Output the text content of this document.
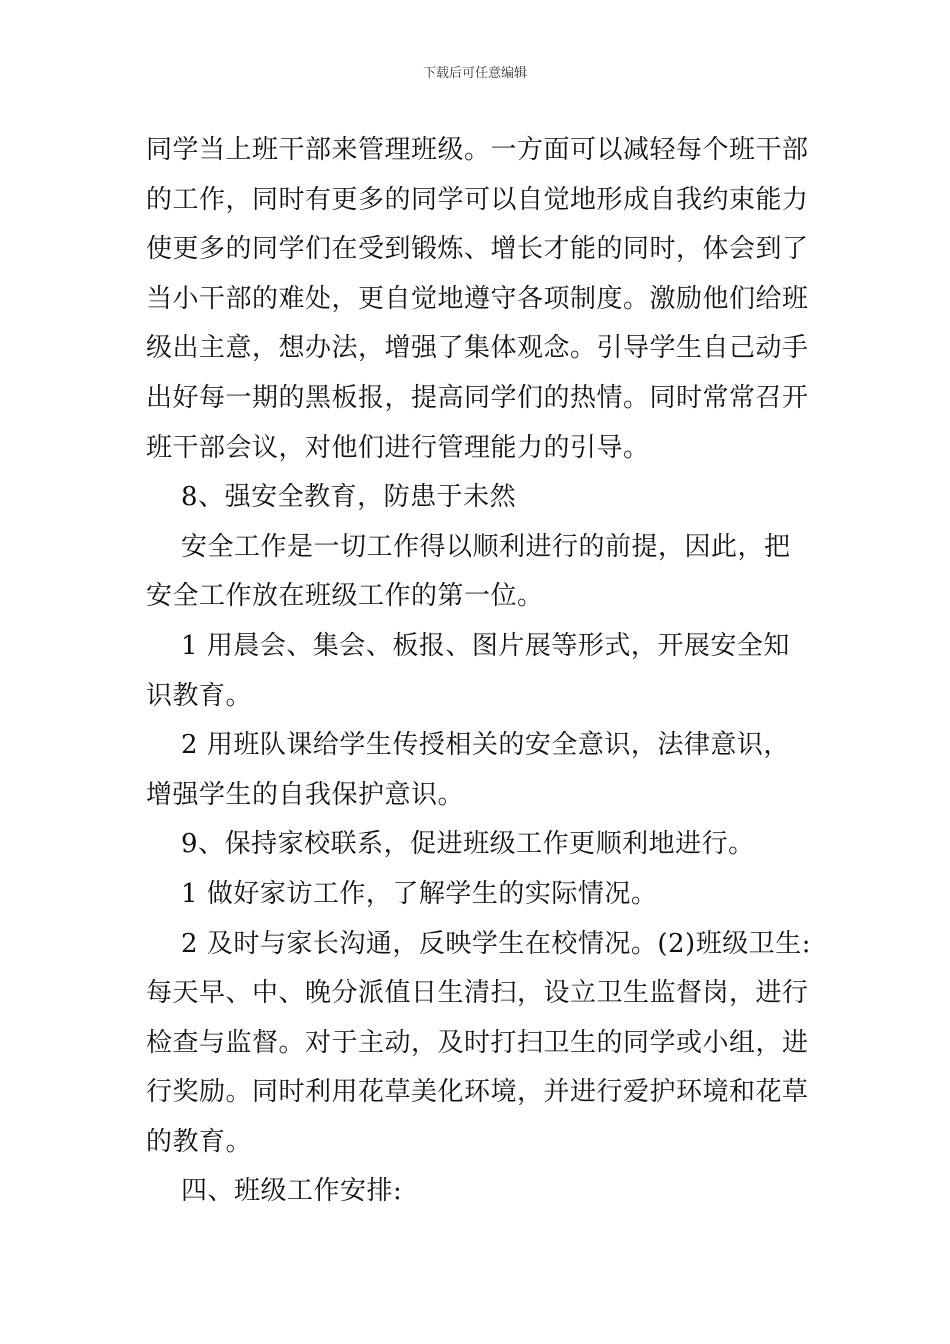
下载后可任意编辑

同学当上班干部来管理班级。一方面可以减轻每个班干部

的工作，同时有更多的同学可以自觉地形成自我约束能力

使更多的同学们在受到锻炼、增长才能的同时，体会到了

当小干部的难处，更自觉地遵守各项制度。激励他们给班

级出主意，想办法，增强了集体观念。引导学生自己动手

出好每一期的黑板报，提高同学们的热情。同时常常召开

班干部会议，对他们进行管理能力的引导。

8、强安全教育，防患于未然

安全工作是一切工作得以顺利进行的前提，因此，把

安全工作放在班级工作的第一位。

1 用晨会、集会、板报、图片展等形式，开展安全知

识教育。

2 用班队课给学生传授相关的安全意识，法律意识，

增强学生的自我保护意识。

9、保持家校联系，促进班级工作更顺利地进行。

1 做好家访工作，了解学生的实际情况。

2 及时与家长沟通，反映学生在校情况。(2)班级卫生:

每天早、中、晚分派值日生清扫，设立卫生监督岗，进行

检查与监督。对于主动，及时打扫卫生的同学或小组，进

行奖励。同时利用花草美化环境，并进行爱护环境和花草

的教育。

四、班级工作安排:
